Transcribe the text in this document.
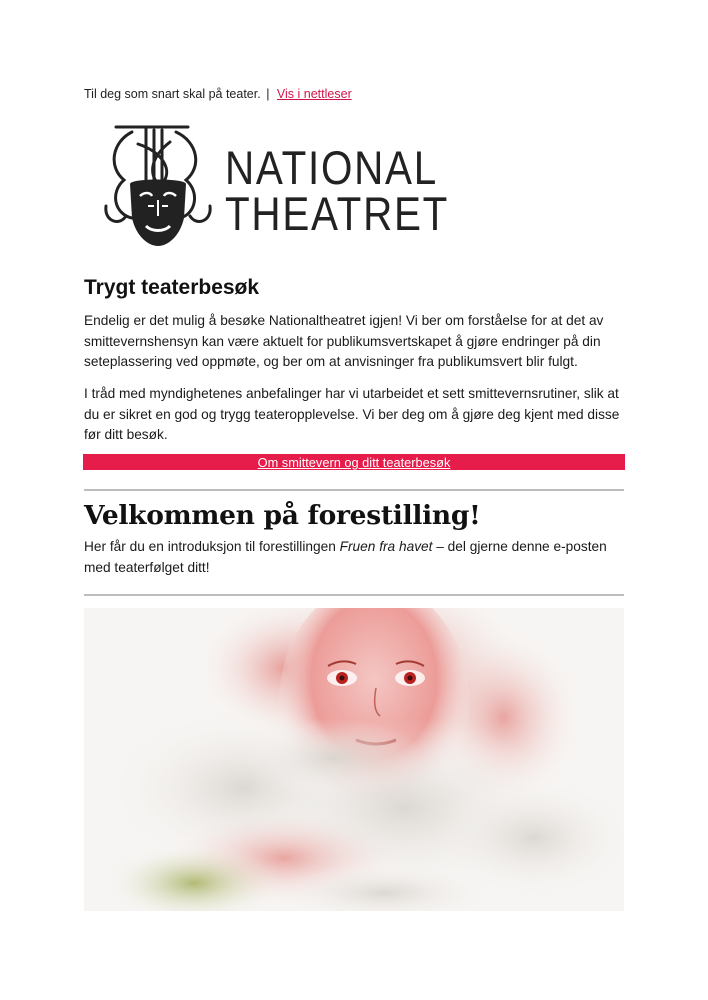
Til deg som snart skal på teater. | Vis i nettleser
NATIONAL
THEATRET
Trygt teaterbesøk

Endelig er det mulig å besøke Nationaltheatret igjen! Vi ber om forståelse for at det av smittevernshensyn kan være aktuelt for publikumsvertskapet å gjøre endringer på din seteplassering ved oppmøte, og ber om at anvisninger fra publikumsvert blir fulgt.

I tråd med myndighetenes anbefalinger har vi utarbeidet et sett smittevernsrutiner, slik at du er sikret en god og trygg teateropplevelse. Vi ber deg om å gjøre deg kjent med disse før ditt besøk.

Om smittevern og ditt teaterbesøk
Velkommen på forestilling!

Her får du en introduksjon til forestillingen Fruen fra havet – del gjerne denne e-posten med teaterfølget ditt!
